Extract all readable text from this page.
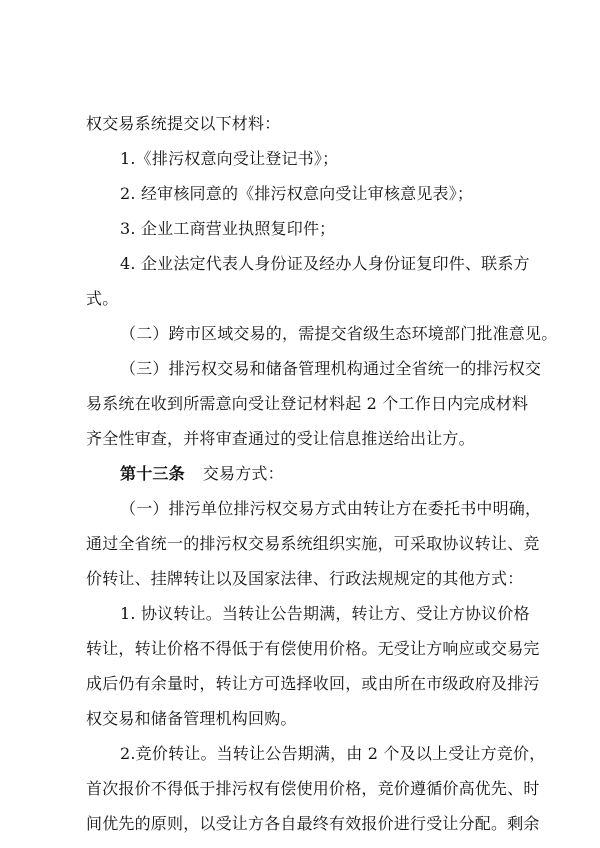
权交易系统提交以下材料：
1.《排污权意向受让登记书》；
2. 经审核同意的《排污权意向受让审核意见表》；
3. 企业工商营业执照复印件；
4. 企业法定代表人身份证及经办人身份证复印件、联系方
式。
（二）跨市区域交易的，需提交省级生态环境部门批准意见。
（三）排污权交易和储备管理机构通过全省统一的排污权交
易系统在收到所需意向受让登记材料起 2 个工作日内完成材料
齐全性审查，并将审查通过的受让信息推送给出让方。
第十三条 交易方式：
（一）排污单位排污权交易方式由转让方在委托书中明确，
通过全省统一的排污权交易系统组织实施，可采取协议转让、竞
价转让、挂牌转让以及国家法律、行政法规规定的其他方式：
1. 协议转让。当转让公告期满，转让方、受让方协议价格
转让，转让价格不得低于有偿使用价格。无受让方响应或交易完
成后仍有余量时，转让方可选择收回，或由所在市级政府及排污
权交易和储备管理机构回购。
2.竞价转让。当转让公告期满，由 2 个及以上受让方竞价，
首次报价不得低于排污权有偿使用价格，竞价遵循价高优先、时
间优先的原则，以受让方各自最终有效报价进行受让分配。剩余
